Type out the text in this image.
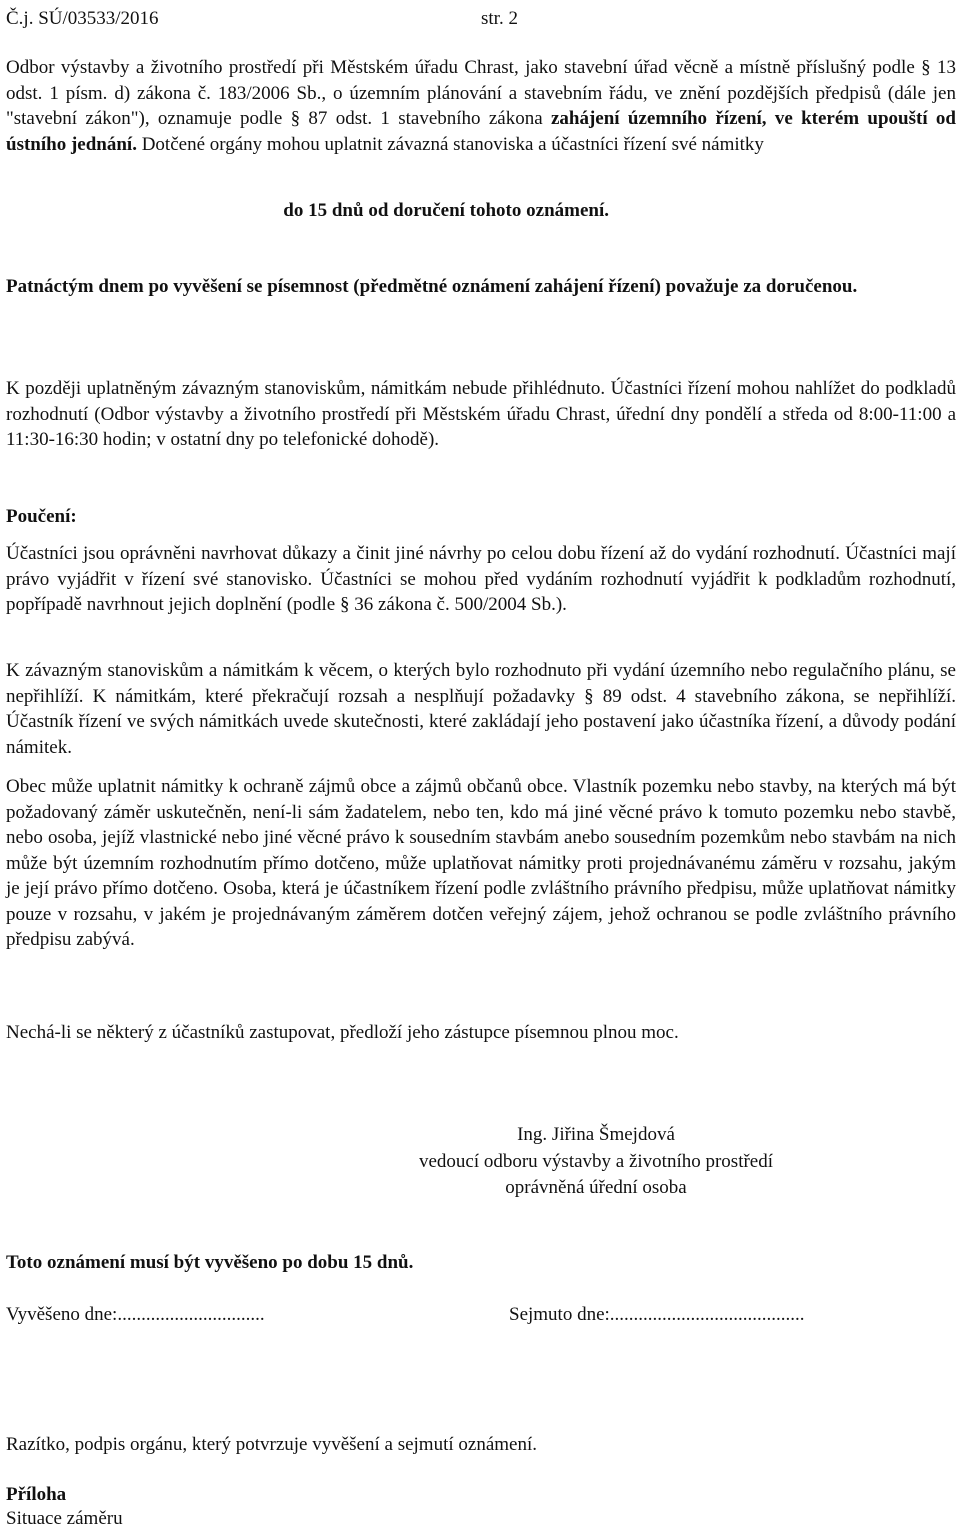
Č.j. SÚ/03533/2016	str. 2
Odbor výstavby a životního prostředí při Městském úřadu Chrast, jako stavební úřad věcně a místně příslušný podle § 13 odst. 1 písm. d) zákona č. 183/2006 Sb., o územním plánování a stavebním řádu, ve znění pozdějších předpisů (dále jen "stavební zákon"), oznamuje podle § 87 odst. 1 stavebního zákona zahájení územního řízení, ve kterém upouští od ústního jednání. Dotčené orgány mohou uplatnit závazná stanoviska a účastníci řízení své námitky
do 15 dnů od doručení tohoto oznámení.
Patnáctým dnem po vyvěšení se písemnost (předmětné oznámení zahájení řízení) považuje za doručenou.
K později uplatněným závazným stanoviskům, námitkám nebude přihlédnuto. Účastníci řízení mohou nahlížet do podkladů rozhodnutí (Odbor výstavby a životního prostředí při Městském úřadu Chrast, úřední dny pondělí a středa od 8:00-11:00 a 11:30-16:30 hodin; v ostatní dny po telefonické dohodě).
Poučení:
Účastníci jsou oprávněni navrhovat důkazy a činit jiné návrhy po celou dobu řízení až do vydání rozhodnutí. Účastníci mají právo vyjádřit v řízení své stanovisko. Účastníci se mohou před vydáním rozhodnutí vyjádřit k podkladům rozhodnutí, popřípadě navrhnout jejich doplnění (podle § 36 zákona č. 500/2004 Sb.).
K závazným stanoviskům a námitkám k věcem, o kterých bylo rozhodnuto při vydání územního nebo regulačního plánu, se nepřihlíží. K námitkám, které překračují rozsah a nesplňují požadavky § 89 odst. 4 stavebního zákona, se nepřihlíží. Účastník řízení ve svých námitkách uvede skutečnosti, které zakládají jeho postavení jako účastníka řízení, a důvody podání námitek.
Obec může uplatnit námitky k ochraně zájmů obce a zájmů občanů obce. Vlastník pozemku nebo stavby, na kterých má být požadovaný záměr uskutečněn, není-li sám žadatelem, nebo ten, kdo má jiné věcné právo k tomuto pozemku nebo stavbě, nebo osoba, jejíž vlastnické nebo jiné věcné právo k sousedním stavbám anebo sousedním pozemkům nebo stavbám na nich může být územním rozhodnutím přímo dotčeno, může uplatňovat námitky proti projednávanému záměru v rozsahu, jakým je její právo přímo dotčeno. Osoba, která je účastníkem řízení podle zvláštního právního předpisu, může uplatňovat námitky pouze v rozsahu, v jakém je projednávaným záměrem dotčen veřejný zájem, jehož ochranou se podle zvláštního právního předpisu zabývá.
Nechá-li se některý z účastníků zastupovat, předloží jeho zástupce písemnou plnou moc.
Ing. Jiřina Šmejdová
vedoucí odboru výstavby a životního prostředí
oprávněná úřední osoba
Toto oznámení musí být vyvěšeno po dobu 15 dnů.
Vyvěšeno dne:...............................	Sejmuto dne:.........................................
Razítko, podpis orgánu, který potvrzuje vyvěšení a sejmutí oznámení.
Příloha
Situace záměru
